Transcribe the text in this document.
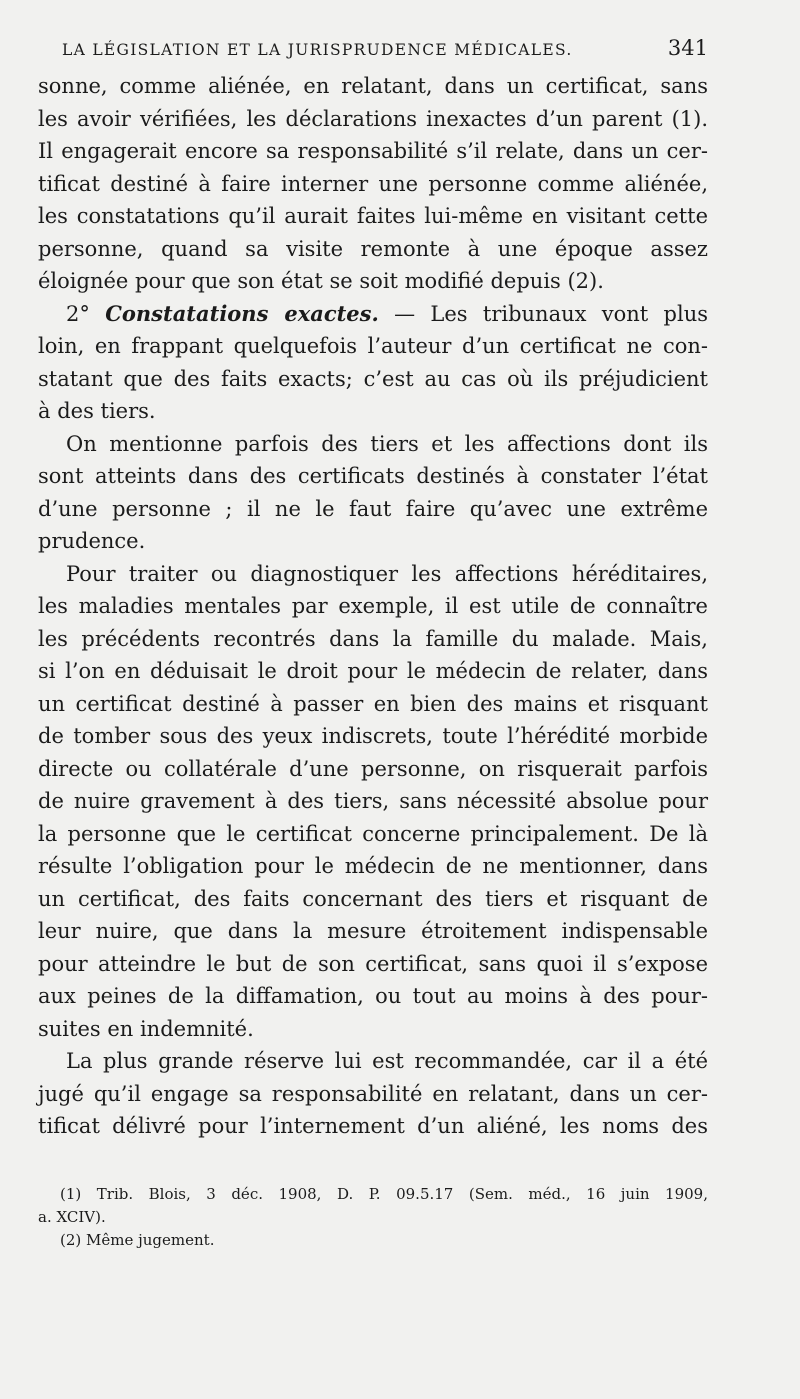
LA LÉGISLATION ET LA JURISPRUDENCE MÉDICALES.	341
sonne, comme aliénée, en relatant, dans un certificat, sans
les avoir vérifiées, les déclarations inexactes d’un parent (1).
Il engagerait encore sa responsabilité s’il relate, dans un cer-
tificat destiné à faire interner une personne comme aliénée,
les constatations qu’il aurait faites lui-même en visitant cette
personne, quand sa visite remonte à une époque assez
éloignée pour que son état se soit modifié depuis (2).
2° Constatations exactes. — Les tribunaux vont plus
loin, en frappant quelquefois l’auteur d’un certificat ne con-
statant que des faits exacts; c’est au cas où ils préjudicient
à des tiers.
On mentionne parfois des tiers et les affections dont ils
sont atteints dans des certificats destinés à constater l’état
d’une personne ; il ne le faut faire qu’avec une extrême
prudence.
Pour traiter ou diagnostiquer les affections héréditaires,
les maladies mentales par exemple, il est utile de connaître
les précédents recontrés dans la famille du malade. Mais,
si l’on en déduisait le droit pour le médecin de relater, dans
un certificat destiné à passer en bien des mains et risquant
de tomber sous des yeux indiscrets, toute l’hérédité morbide
directe ou collatérale d’une personne, on risquerait parfois
de nuire gravement à des tiers, sans nécessité absolue pour
la personne que le certificat concerne principalement. De là
résulte l’obligation pour le médecin de ne mentionner, dans
un certificat, des faits concernant des tiers et risquant de
leur nuire, que dans la mesure étroitement indispensable
pour atteindre le but de son certificat, sans quoi il s’expose
aux peines de la diffamation, ou tout au moins à des pour-
suites en indemnité.
La plus grande réserve lui est recommandée, car il a été
jugé qu’il engage sa responsabilité en relatant, dans un cer-
tificat délivré pour l’internement d’un aliéné, les noms des
(1) Trib. Blois, 3 déc. 1908, D. P. 09.5.17 (Sem. méd., 16 juin 1909,
a. XCIV).
(2) Même jugement.
